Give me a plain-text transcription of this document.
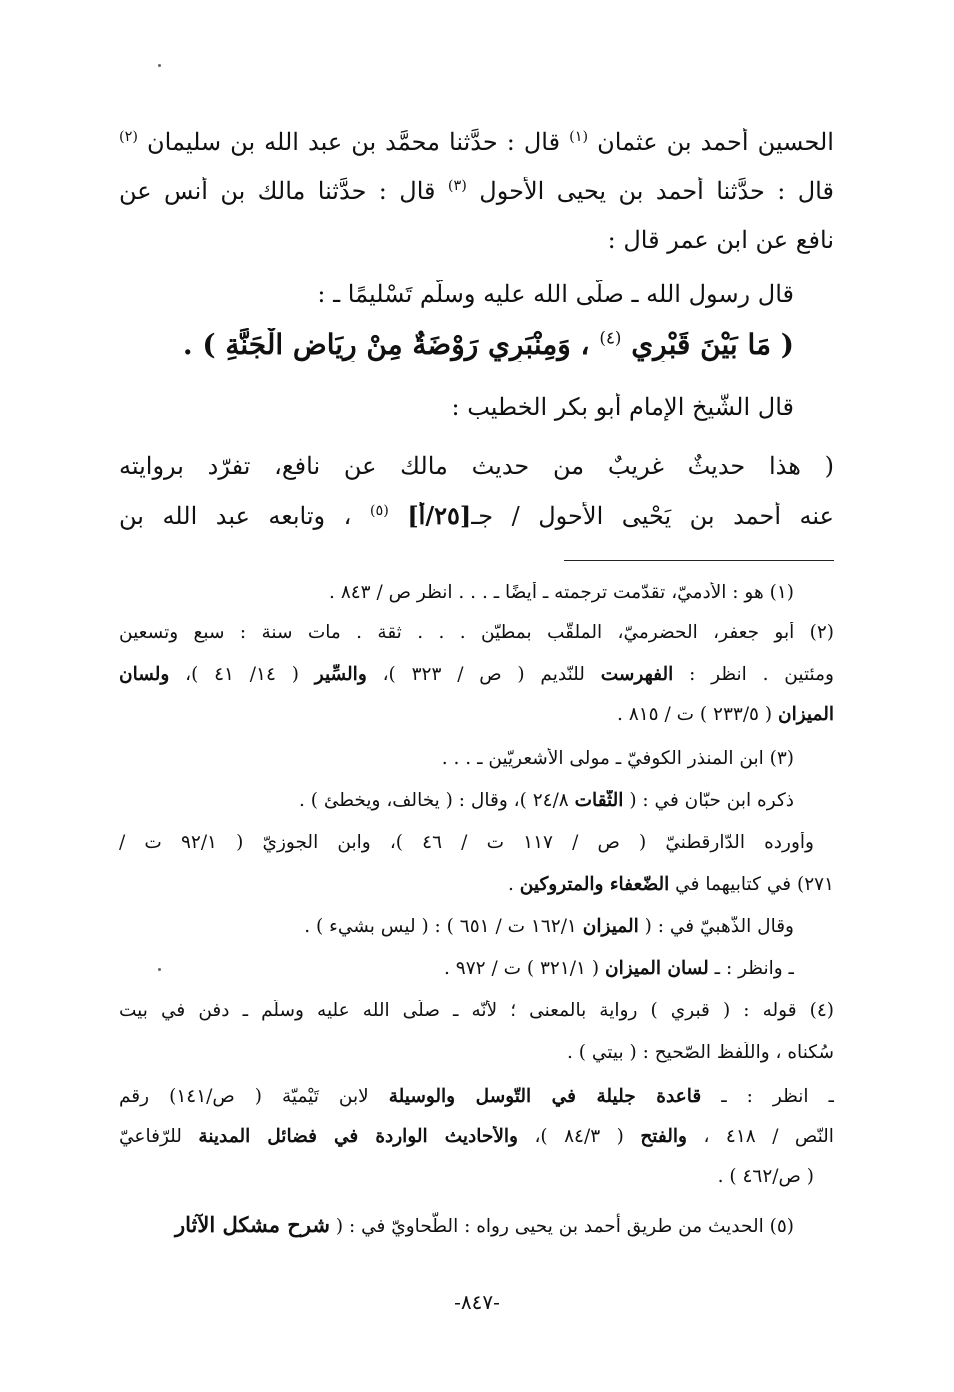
الحسين أحمد بن عثمان $^{(١)}$ قال : حدَّثنا محمَّد بن عبد الله بن سليمان $^{(٢)}$
قال : حدَّثنا أحمد بن يحيى الأحول $^{(٣)}$ قال : حدَّثنا مالك بن أنس عن
نافع عن ابن عمر قال :
قال رسول الله ـ صلّى الله عليه وسلّم تَسْليمًا ـ :
( مَا بَيْنَ قَبْرِي $^{(٤)}$ ، وَمِنْبَرِي رَوْضَةٌ مِنْ رِيَاضِ الْجَنَّةِ ) .
قال الشَّيخ الإمام أبو بكر الخطيب :
( هذا حديثٌ غريبٌ من حديث مالك عن نافع، تفرّد بروايته
عنه أَحمد بن يَحْيى الأَحول / جـ[٢٥/أ] $^{(٥)}$ ، وتابعه عبد الله بن
(١) هو : الأدميّ، تقدّمت ترجمته ـ أيضًا ـ . . . انظر ص / ٨٤٣ .
(٢) أبو جعفر، الحضرميّ، الملقّب بمطيّن . . . ثقة . مات سنة : سبع وتسعين
ومئتين . انظر : الفهرست للنّديم ( ص / ٣٢٣ )، والسِّير ( ١٤/ ٤١ )، ولسان
الميزان ( ٢٣٣/٥ ) ت / ٨١٥ .
(٣) ابن المنذر الكوفيّ ـ مولى الأشعريّين ـ . . .
ذكره ابن حبّان في : ( الثّقات ٢٤/٨ )، وقال : ( يخالف، ويخطئ ) .
وأورده الدّارقطنيّ ( ص / ١١٧ ت / ٤٦ )، وابن الجوزيّ ( ٩٢/١ ت /
٢٧١) في كتابيهما في الضّعفاء والمتروكين .
وقال الذّهبيّ في : ( الميزان ١٦٢/١ ت / ٦٥١ ) : ( ليس بشيء ) .
ـ وانظر : ـ لسان الميزان ( ٣٢١/١ ) ت / ٩٧٢ .
(٤) قوله : ( قبري ) رواية بالمعنى ؛ لأنّه ـ صلّى الله عليه وسلّم ـ دفن في بيت
سُكناه ، واللّفظ الصّحيح : ( بيتي ) .
ـ انظر : ـ قاعدة جليلة في التّوسل والوسيلة لابن تَيْميّة ( ص/١٤١) رقم
النّص / ٤١٨ ، والفتح ( ٨٤/٣ )، والأحاديث الواردة في فضائل المدينة للرّفاعيّ
( ص/٤٦٢ ) .
(٥) الحديث من طريق أحمد بن يحيى رواه : الطّحاويّ في : ( شرح مشكل الآثار
-٨٤٧-
